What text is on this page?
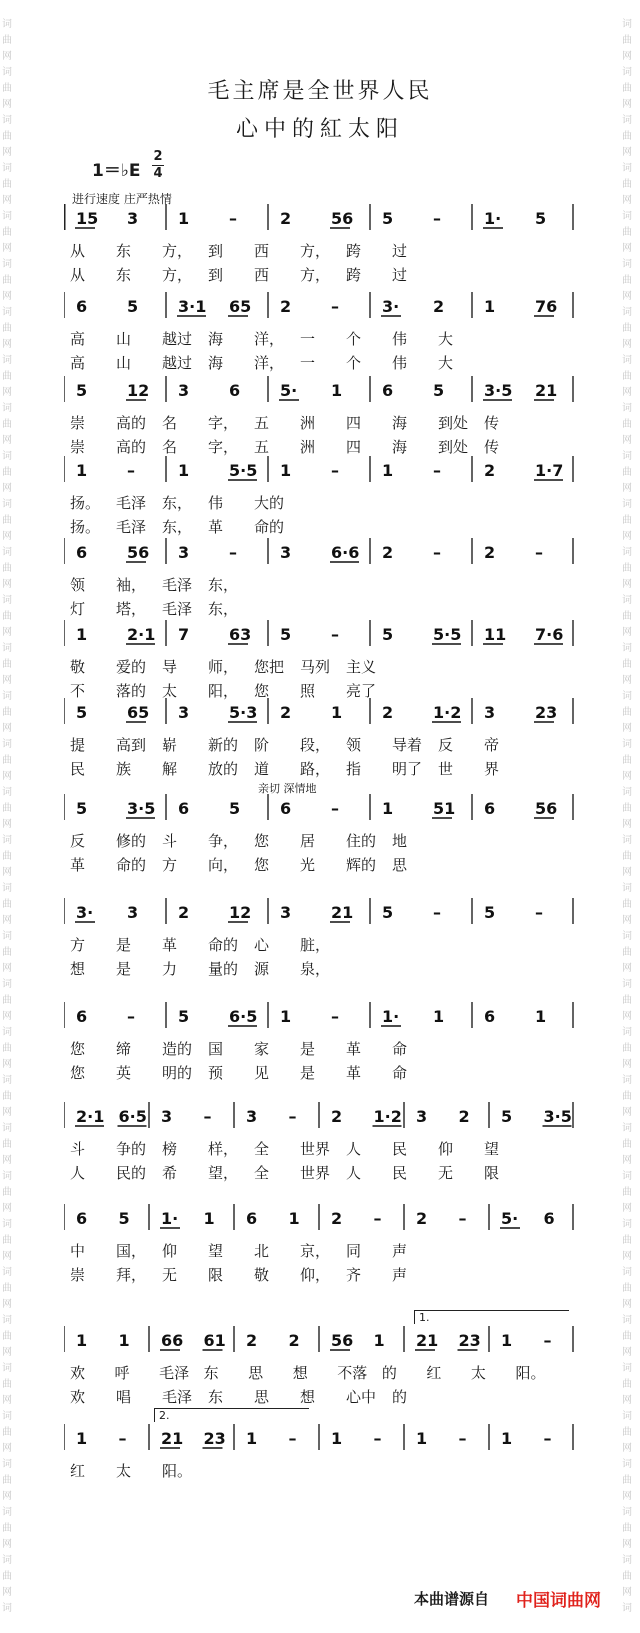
词
曲
网
词
曲
网
词
曲
网
词
曲
网
词
曲
网
词
曲
网
词
曲
网
词
曲
网
词
曲
网
词
曲
网
词
曲
网
词
曲
网
词
曲
网
词
曲
网
词
曲
网
词
曲
网
词
曲
网
词
曲
网
词
曲
网
词
曲
网
词
曲
网
词
曲
网
词
曲
网
词
曲
网
词
曲
网
词
曲
网
词
曲
网
词
曲
网
词
曲
网
词
曲
网
词
曲
网
词
曲
网
词
曲
网
词
词
曲
网
词
曲
网
词
曲
网
词
曲
网
词
曲
网
词
曲
网
词
曲
网
词
曲
网
词
曲
网
词
曲
网
词
曲
网
词
曲
网
词
曲
网
词
曲
网
词
曲
网
词
曲
网
词
曲
网
词
曲
网
词
曲
网
词
曲
网
词
曲
网
词
曲
网
词
曲
网
词
曲
网
词
曲
网
词
曲
网
词
曲
网
词
曲
网
词
曲
网
词
曲
网
词
曲
网
词
曲
网
词
曲
网
词
毛主席是全世界人民
心中的紅太阳
1＝♭E
2
4
进行速度 庄严热情
亲切 深情地
15 3 1 –	2 56 5 –	1· 5
从 东 方， 到 西 方， 跨 过
从 东 方， 到 西 方， 跨 过
6 5 3·1 65 2 –	3· 2 1 76
高 山 越过 海 洋， 一 个 伟 大
高 山 越过 海 洋， 一 个 伟 大
5 12 3 6 5· 1 6 5 3·5 21
崇 高的 名 字， 五 洲 四 海 到处 传
崇 高的 名 字， 五 洲 四 海 到处 传
1 –	1 5·5 1 –	1 –	2 1·7
扬。 毛泽 东， 伟 大的
扬。 毛泽 东， 革 命的
6 56 3 –	3 6·6 2 –	2 –
领 袖， 毛泽 东，
灯 塔， 毛泽 东，
1 2·1 7 63 5 –	5 5·5 11 7·6
敬 爱的 导 师， 您把 马列 主义
不 落的 太 阳， 您 照 亮了
5 65 3 5·3 2 1 2 1·2 3 23
提 高到 崭 新的 阶 段， 领 导着 反 帝
民 族 解 放的 道 路， 指 明了 世 界
5 3·5 6 5 6 –	1 51 6 56
反 修的 斗 争， 您 居 住的 地
革 命的 方 向， 您 光 辉的 思
3· 3 2 12 3 21 5 –	5 –
方 是 革 命的 心 脏，
想 是 力 量的 源 泉，
6 –	5 6·5 1 –	1· 1 6 1
您 缔 造的 国 家 是 革 命
您 英 明的 预 见 是 革 命
2·1 6·5 3 – 3 – 2 1·2 3 2 5 3·5
斗 争的 榜 样， 全 世界 人 民 仰 望
人 民的 希 望， 全 世界 人 民 无 限
6 5 1· 1 6 1 2 – 2 – 5· 6
中 国， 仰 望 北 京， 同 声
崇 拜， 无 限 敬 仰， 齐 声
1 1 66 61 2 2 56 1 21 23 1 –
1.
欢 呼 毛泽 东 思 想 不落 的 红 太 阳。
欢 唱 毛泽 东 思 想 心中 的
1 – 21 23 1 – 1 – 1 – 1 –
2.
红 太 阳。
本曲谱源自 中国词曲网
